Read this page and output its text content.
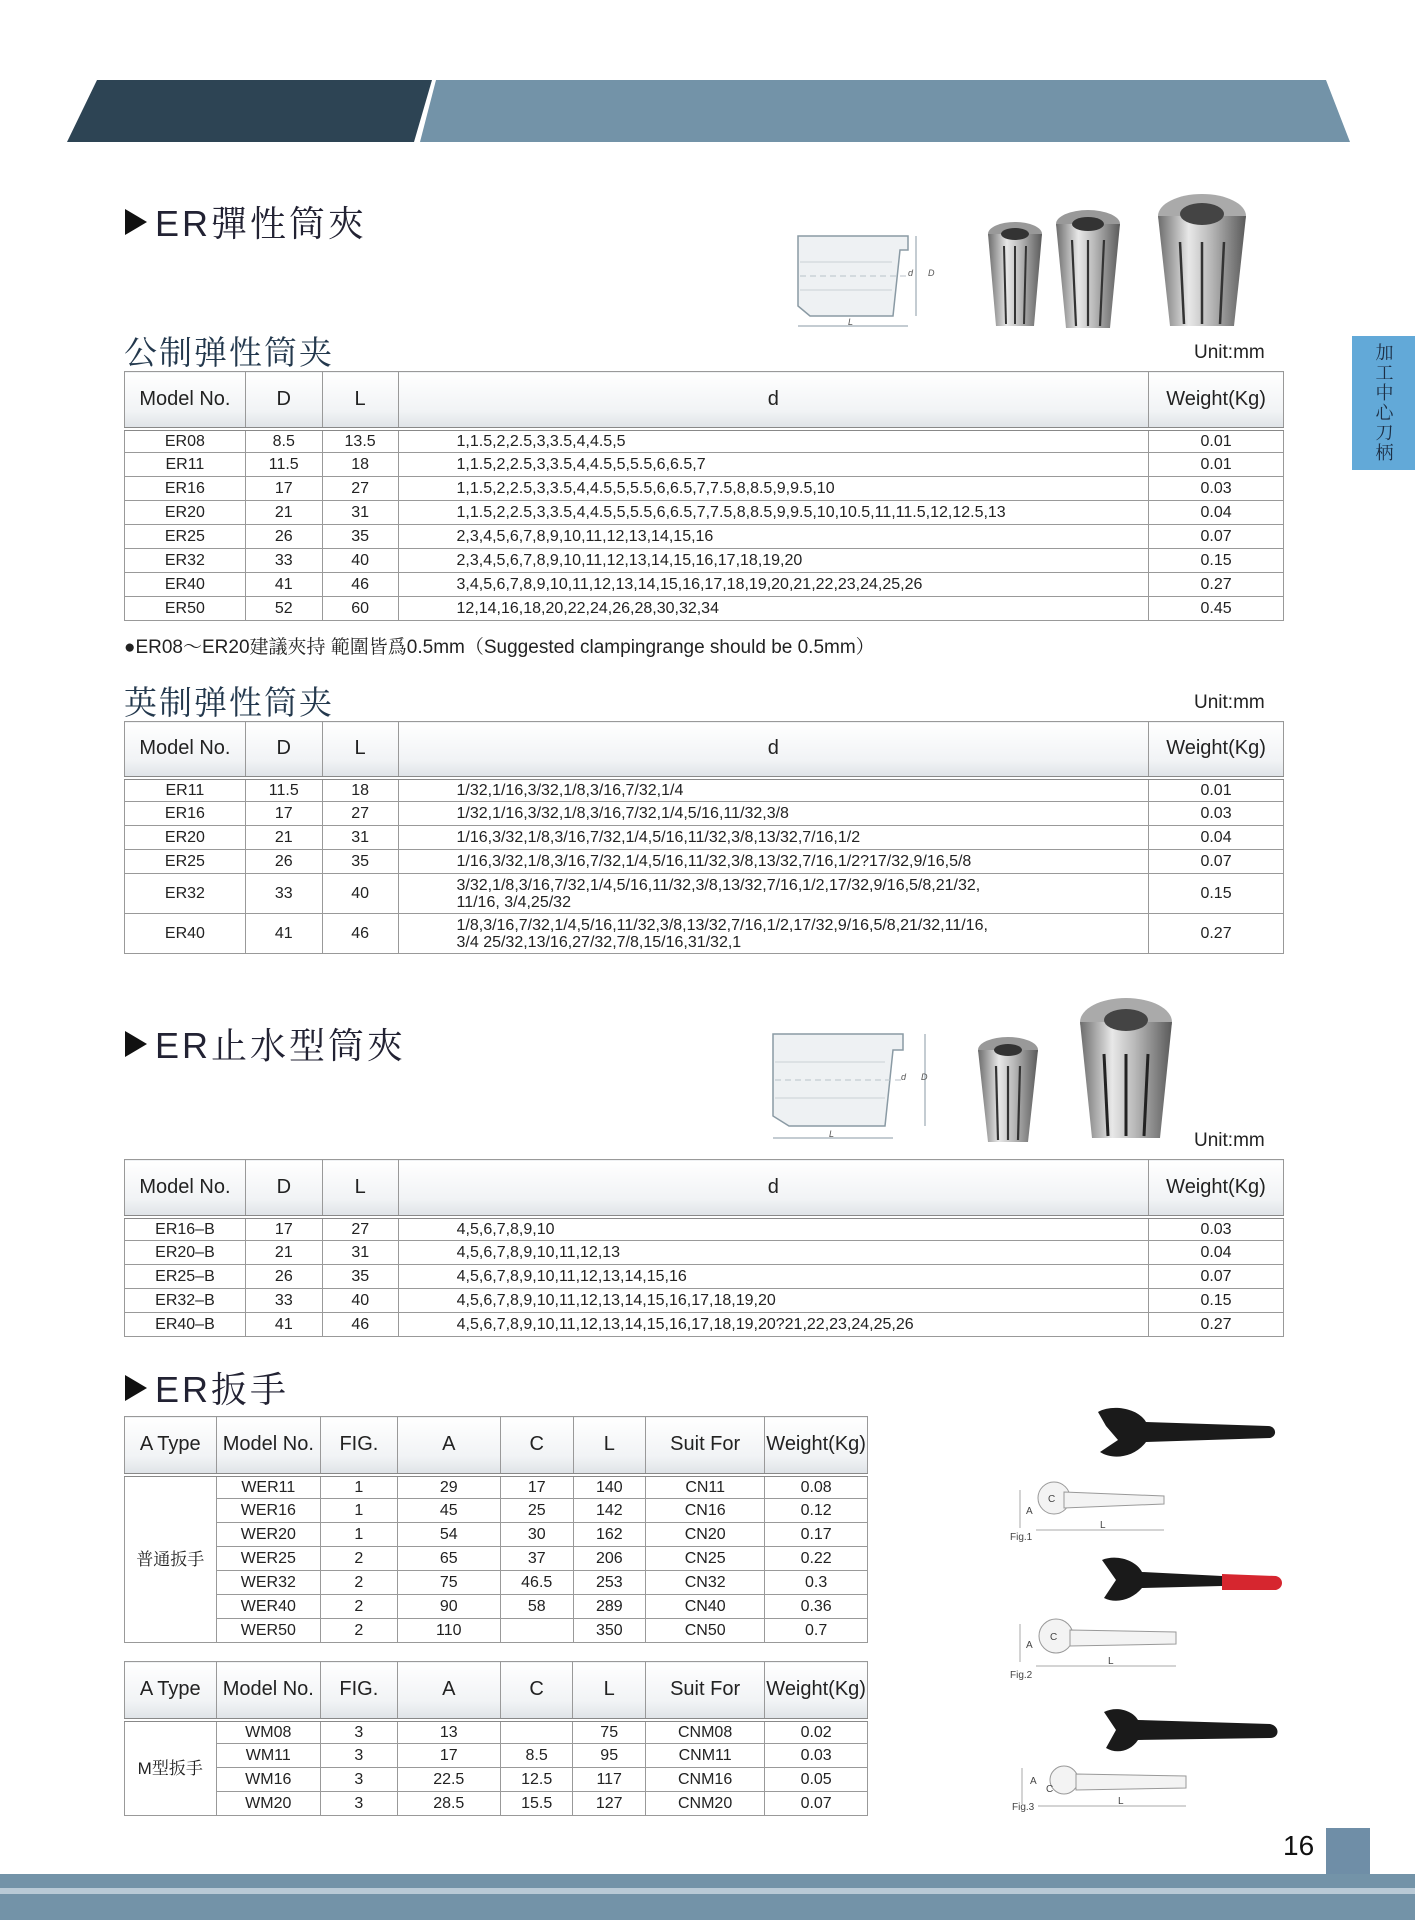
加工中心刀柄
ER彈性筒夾
d D
L
公制弹性筒夹	Unit:mm
Model No.	D	L	d	Weight(Kg)
ER08	8.5	13.5	1,1.5,2,2.5,3,3.5,4,4.5,5	0.01
ER11	11.5	18	1,1.5,2,2.5,3,3.5,4,4.5,5,5.5,6,6.5,7	0.01
ER16	17	27	1,1.5,2,2.5,3,3.5,4,4.5,5,5.5,6,6.5,7,7.5,8,8.5,9,9.5,10	0.03
ER20	21	31	1,1.5,2,2.5,3,3.5,4,4.5,5,5.5,6,6.5,7,7.5,8,8.5,9,9.5,10,10.5,11,11.5,12,12.5,13	0.04
ER25	26	35	2,3,4,5,6,7,8,9,10,11,12,13,14,15,16	0.07
ER32	33	40	2,3,4,5,6,7,8,9,10,11,12,13,14,15,16,17,18,19,20	0.15
ER40	41	46	3,4,5,6,7,8,9,10,11,12,13,14,15,16,17,18,19,20,21,22,23,24,25,26	0.27
ER50	52	60	12,14,16,18,20,22,24,26,28,30,32,34	0.45
●ER08～ER20建議夾持 範圍皆爲0.5mm（Suggested clampingrange should be 0.5mm）
英制弹性筒夹	Unit:mm
Model No.	D	L	d	Weight(Kg)
ER11	11.5	18	1/32,1/16,3/32,1/8,3/16,7/32,1/4	0.01
ER16	17	27	1/32,1/16,3/32,1/8,3/16,7/32,1/4,5/16,11/32,3/8	0.03
ER20	21	31	1/16,3/32,1/8,3/16,7/32,1/4,5/16,11/32,3/8,13/32,7/16,1/2	0.04
ER25	26	35	1/16,3/32,1/8,3/16,7/32,1/4,5/16,11/32,3/8,13/32,7/16,1/2?17/32,9/16,5/8	0.07
ER32	33	40	3/32,1/8,3/16,7/32,1/4,5/16,11/32,3/8,13/32,7/16,1/2,17/32,9/16,5/8,21/32,
11/16, 3/4,25/32	0.15
ER40	41	46	1/8,3/16,7/32,1/4,5/16,11/32,3/8,13/32,7/16,1/2,17/32,9/16,5/8,21/32,11/16,
3/4 25/32,13/16,27/32,7/8,15/16,31/32,1	0.27
ER止水型筒夾
d D
L	Unit:mm
Model No.	D	L	d	Weight(Kg)
ER16–B	17	27	4,5,6,7,8,9,10	0.03
ER20–B	21	31	4,5,6,7,8,9,10,11,12,13	0.04
ER25–B	26	35	4,5,6,7,8,9,10,11,12,13,14,15,16	0.07
ER32–B	33	40	4,5,6,7,8,9,10,11,12,13,14,15,16,17,18,19,20	0.15
ER40–B	41	46	4,5,6,7,8,9,10,11,12,13,14,15,16,17,18,19,20?21,22,23,24,25,26	0.27
ER扳手
A Type	Model No.	FIG.	A	C	L	Suit For	Weight(Kg)
普通扳手	WER11	1	29	17	140	CN11	0.08
	WER16	1	45	25	142	CN16	0.12
	WER20	1	54	30	162	CN20	0.17
	WER25	2	65	37	206	CN25	0.22
	WER32	2	75	46.5	253	CN32	0.3
	WER40	2	90	58	289	CN40	0.36
	WER50	2	110		350	CN50	0.7
A Type	Model No.	FIG.	A	C	L	Suit For	Weight(Kg)
M型扳手	WM08	3	13		75	CNM08	0.02
	WM11	3	17	8.5	95	CNM11	0.03
	WM16	3	22.5	12.5	117	CNM16	0.05
	WM20	3	28.5	15.5	127	CNM20	0.07
Fig.1
A
C
L
Fig.2
A
C
L
Fig.3
A
C
L
16
